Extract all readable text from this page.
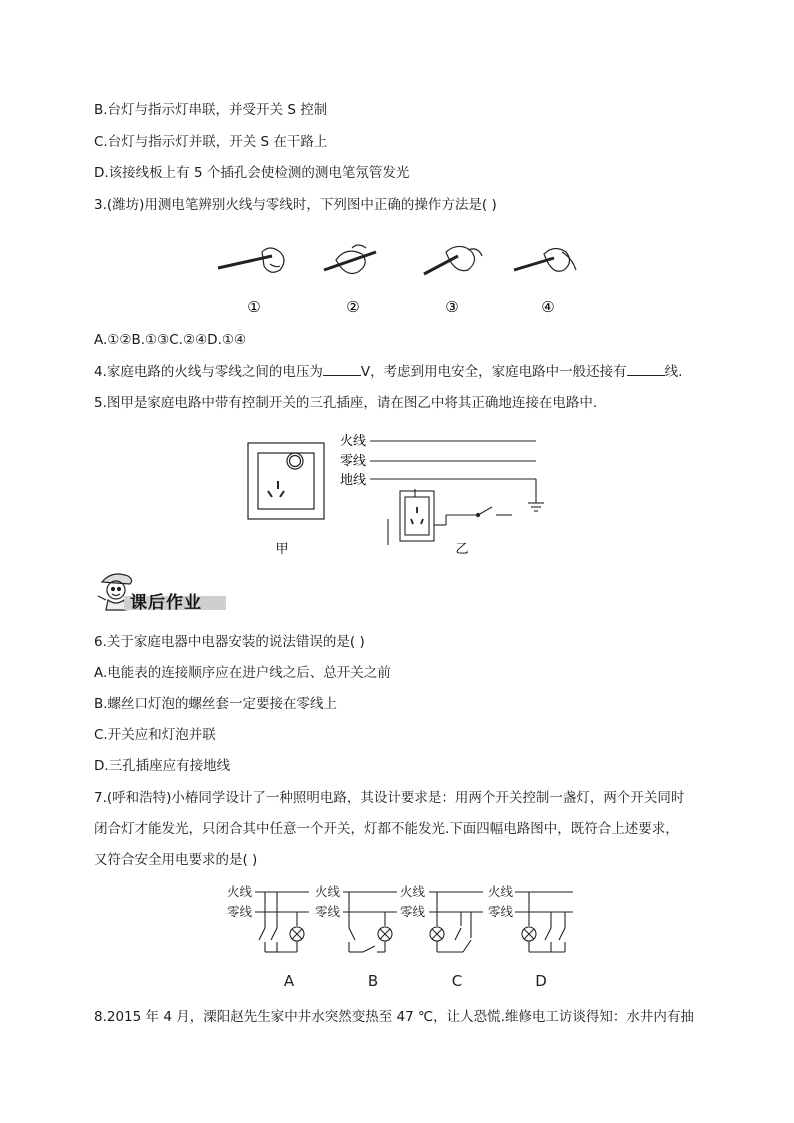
B.台灯与指示灯串联，并受开关 S 控制
C.台灯与指示灯并联，开关 S 在干路上
D.该接线板上有 5 个插孔会使检测的测电笔氖管发光
3.(潍坊)用测电笔辨别火线与零线时，下列图中正确的操作方法是( )
①	②	③	④
A.①②B.①③C.②④D.①④
4.家庭电路的火线与零线之间的电压为	V，考虑到用电安全，家庭电路中一般还接有	线.
5.图甲是家庭电路中带有控制开关的三孔插座，请在图乙中将其正确地连接在电路中.
甲
火线
零线
地线
乙
课后作业
6.关于家庭电器中电器安装的说法错误的是( )
A.电能表的连接顺序应在进户线之后、总开关之前
B.螺丝口灯泡的螺丝套一定要接在零线上
C.开关应和灯泡并联
D.三孔插座应有接地线
7.(呼和浩特)小椿同学设计了一种照明电路，其设计要求是：用两个开关控制一盏灯，两个开关同时
闭合灯才能发光，只闭合其中任意一个开关，灯都不能发光.下面四幅电路图中，既符合上述要求，
又符合安全用电要求的是( )
火线
零线
火线
零线
火线
零线
火线
零线
A	B	C	D
8.2015 年 4 月，溧阳赵先生家中井水突然变热至 47 ℃，让人恐慌.维修电工访谈得知：水井内有抽
